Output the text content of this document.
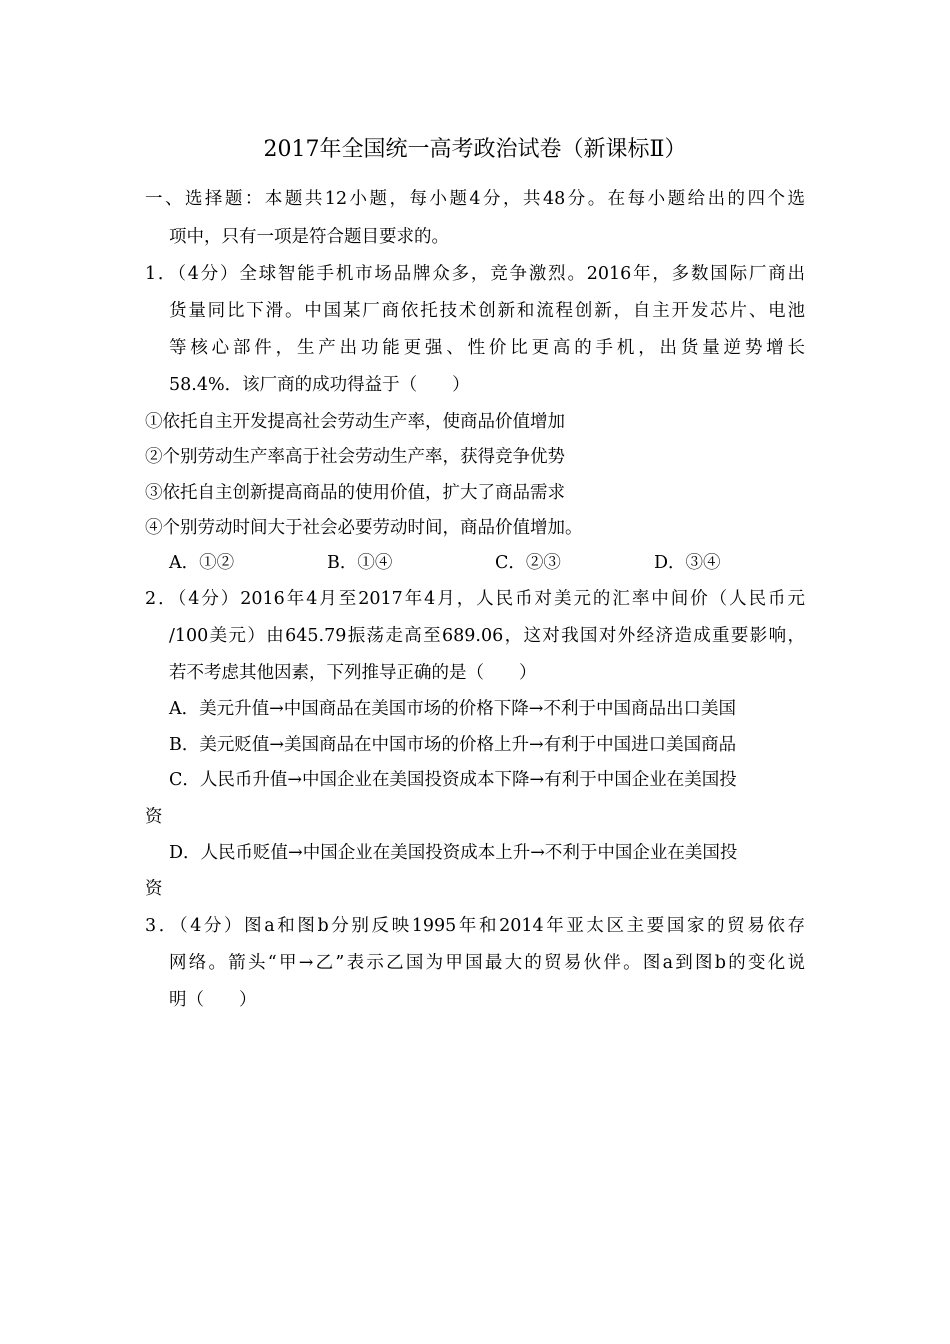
2017年全国统一高考政治试卷（新课标Ⅱ）
一、选择题：本题共12小题，每小题4分，共48分。在每小题给出的四个选
项中，只有一项是符合题目要求的。
1．（4分）全球智能手机市场品牌众多，竞争激烈。2016年，多数国际厂商出
货量同比下滑。中国某厂商依托技术创新和流程创新，自主开发芯片、电池
等核心部件，生产出功能更强、性价比更高的手机，出货量逆势增长
58.4%．该厂商的成功得益于（　　）
①依托自主开发提高社会劳动生产率，使商品价值增加
②个别劳动生产率高于社会劳动生产率，获得竞争优势
③依托自主创新提高商品的使用价值，扩大了商品需求
④个别劳动时间大于社会必要劳动时间，商品价值增加。
A．①②	B．①④	C．②③	D．③④
2．（4分）2016年4月至2017年4月，人民币对美元的汇率中间价（人民币元
/100美元）由645.79振荡走高至689.06，这对我国对外经济造成重要影响，
若不考虑其他因素，下列推导正确的是（　　）
A．美元升值→中国商品在美国市场的价格下降→不利于中国商品出口美国
B．美元贬值→美国商品在中国市场的价格上升→有利于中国进口美国商品
C．人民币升值→中国企业在美国投资成本下降→有利于中国企业在美国投
资
D．人民币贬值→中国企业在美国投资成本上升→不利于中国企业在美国投
资
3．（4分）图a和图b分别反映1995年和2014年亚太区主要国家的贸易依存
网络。箭头“甲→乙”表示乙国为甲国最大的贸易伙伴。图a到图b的变化说
明（　　）
